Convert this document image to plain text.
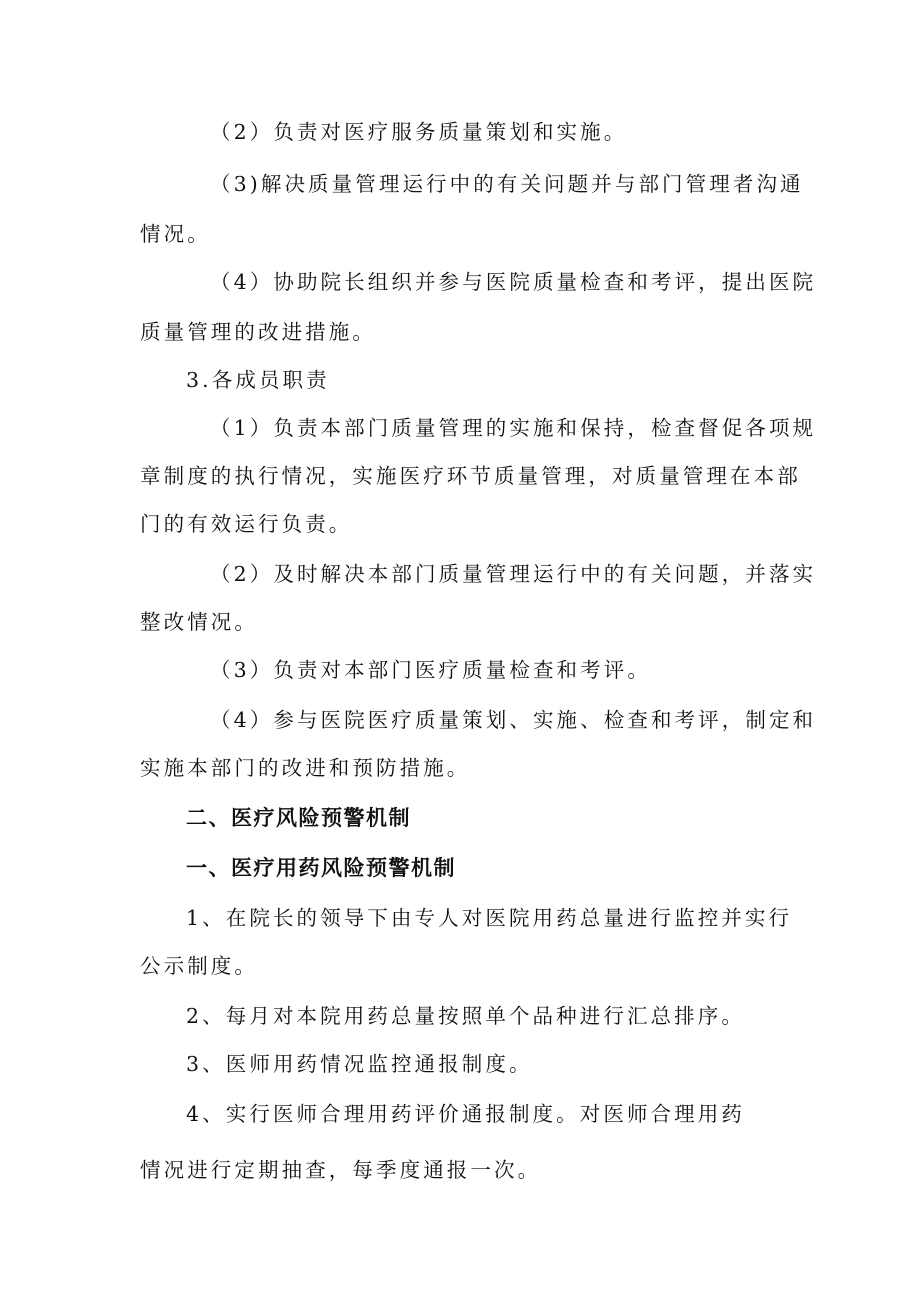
（2）负责对医疗服务质量策划和实施。
（3)解决质量管理运行中的有关问题并与部门管理者沟通
情况。
（4）协助院长组织并参与医院质量检查和考评，提出医院
质量管理的改进措施。
3.各成员职责
（1）负责本部门质量管理的实施和保持，检查督促各项规
章制度的执行情况，实施医疗环节质量管理，对质量管理在本部
门的有效运行负责。
（2）及时解决本部门质量管理运行中的有关问题，并落实
整改情况。
（3）负责对本部门医疗质量检查和考评。
（4）参与医院医疗质量策划、实施、检查和考评，制定和
实施本部门的改进和预防措施。
二、医疗风险预警机制
一、医疗用药风险预警机制
1、在院长的领导下由专人对医院用药总量进行监控并实行
公示制度。
2、每月对本院用药总量按照单个品种进行汇总排序。
3、医师用药情况监控通报制度。
4、实行医师合理用药评价通报制度。对医师合理用药
情况进行定期抽查，每季度通报一次。
